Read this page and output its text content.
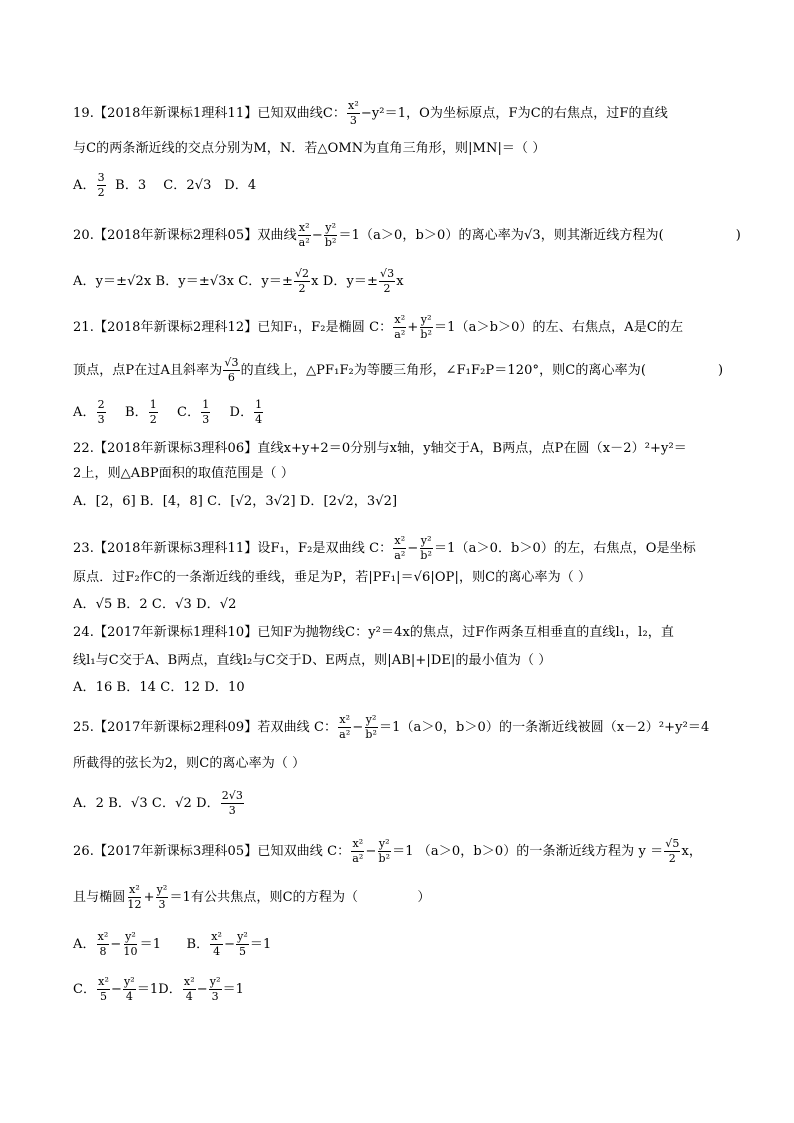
19.【2018年新课标1理科11】已知双曲线C： $\frac{\text{x²}}{3} -y^2=1$，O为坐标原点，F为C的右焦点，过F的直线
与C的两条渐近线的交点分别为M，N．若△OMN为直角三角形，则|MN|＝（ ）
A． $\frac{3}{2}$ B．3    C．2√3   D．4
20.【2018年新课标2理科05】双曲线 $\frac{\text{x²}}{\text{a²}} - \frac{\text{y²}}{\text{b²}} =1(a>0$，b＞0）的离心率为√3，则其渐近线方程为(                 )
A．y＝±√2x B．y＝±√3x C．$y=\pm \frac{√2}{2}$ x D．$y=\pm \frac{√3}{2}$ x
21.【2018年新课标2理科12】已知F₁，F₂是椭圆 C： $\frac{\text{x²}}{\text{a²}} + \frac{\text{y²}}{\text{b²}} =1(a>b>0)$的左、右焦点，A是C的左
顶点，点P在过A且斜率为 $\frac{√3}{6}$ 的直线上，△PF₁F₂为等腰三角形，∠F₁F₂P＝120°，则C的离心率为(                 )
A． $\frac{2}{3}$ B． $\frac{1}{2}$ C． $\frac{1}{3}$ D． $\frac{1}{4}$
22.【2018年新课标3理科06】直线x+y+2＝0分别与x轴，y轴交于A，B两点，点P在圆（x－2）²+y²＝
2上，则△ABP面积的取值范围是（ ）
A．[2，6] B．[4，8] C．[√2，3√2] D．[2√2，3√2]
23.【2018年新课标3理科11】设F₁，F₂是双曲线 C： $\frac{\text{x²}}{\text{a²}} - \frac{\text{y²}}{\text{b²}} =1(a>0$．b＞0）的左，右焦点，O是坐标
原点．过F₂作C的一条渐近线的垂线，垂足为P，若|PF₁|＝√6|OP|，则C的离心率为（ ）
A．√5 B．2 C．√3 D．√2
24.【2017年新课标1理科10】已知F为抛物线C：y²＝4x的焦点，过F作两条互相垂直的直线l₁，l₂，直
线l₁与C交于A、B两点，直线l₂与C交于D、E两点，则|AB|+|DE|的最小值为（ ）
A．16 B．14 C．12 D．10
25.【2017年新课标2理科09】若双曲线 C： $\frac{\text{x²}}{\text{a²}} - \frac{\text{y²}}{\text{b²}} =1(a>0$，b＞0）的一条渐近线被圆（x－2）²+y²＝4
所截得的弦长为2，则C的离心率为（ ）
A．2 B．√3 C．√2 D． $\frac{2√3}{3}$
26.【2017年新课标3理科05】已知双曲线 C： $\frac{\text{x²}}{\text{a²}} - \frac{\text{y²}}{\text{b²}} =1$ （a＞0，b＞0）的一条渐近线方程为 $y = \frac{√5}{2}$ x，
且与椭圆 $\frac{\text{x²}}{12} + \frac{\text{y²}}{3} =1$有公共焦点，则C的方程为（              ）
A． $\frac{\text{x²}}{8} - \frac{\text{y²}}{10} =1$      B． $\frac{\text{x²}}{4} - \frac{\text{y²}}{5} =1$
C． $\frac{\text{x²}}{5} - \frac{\text{y²}}{4} =1D$． $\frac{\text{x²}}{4} - \frac{\text{y²}}{3} =1$
